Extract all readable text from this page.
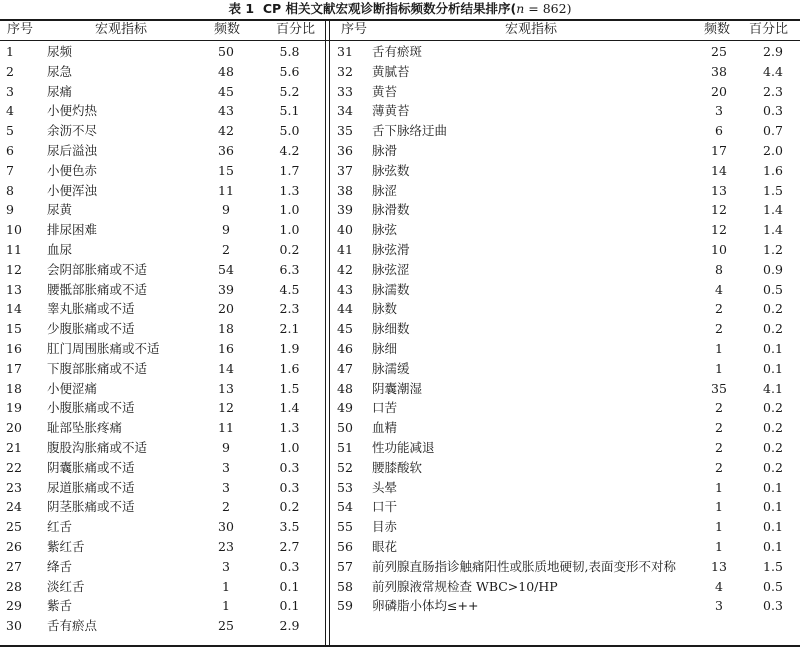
表 1 CP 相关文献宏观诊断指标频数分析结果排序(n = 862)
序号	宏观指标	频数	百分比 序号	宏观指标	频数 百分比
1	尿频	50	5.8
2	尿急	48	5.6
3	尿痛	45	5.2
4	小便灼热	43	5.1
5	余沥不尽	42	5.0
6	尿后溢浊	36	4.2
7	小便色赤	15	1.7
8	小便浑浊	11	1.3
9	尿黄	9	1.0
10	排尿困难	9	1.0
11	血尿	2	0.2
12	会阴部胀痛或不适	54	6.3
13	腰骶部胀痛或不适	39	4.5
14	睾丸胀痛或不适	20	2.3
15	少腹胀痛或不适	18	2.1
16	肛门周围胀痛或不适	16	1.9
17	下腹部胀痛或不适	14	1.6
18	小便涩痛	13	1.5
19	小腹胀痛或不适	12	1.4
20	耻部坠胀疼痛	11	1.3
21	腹股沟胀痛或不适	9	1.0
22	阴囊胀痛或不适	3	0.3
23	尿道胀痛或不适	3	0.3
24	阴茎胀痛或不适	2	0.2
25	红舌	30	3.5
26	紫红舌	23	2.7
27	绛舌	3	0.3
28	淡红舌	1	0.1
29	紫舌	1	0.1
30	舌有瘀点	25	2.9
31	舌有瘀斑	25	2.9
32	黄腻苔	38	4.4
33	黄苔	20	2.3
34	薄黄苔	3	0.3
35	舌下脉络迂曲	6	0.7
36	脉滑	17	2.0
37	脉弦数	14	1.6
38	脉涩	13	1.5
39	脉滑数	12	1.4
40	脉弦	12	1.4
41	脉弦滑	10	1.2
42	脉弦涩	8	0.9
43	脉濡数	4	0.5
44	脉数	2	0.2
45	脉细数	2	0.2
46	脉细	1	0.1
47	脉濡缓	1	0.1
48	阴囊潮湿	35	4.1
49	口苦	2	0.2
50	血精	2	0.2
51	性功能减退	2	0.2
52	腰膝酸软	2	0.2
53	头晕	1	0.1
54	口干	1	0.1
55	目赤	1	0.1
56	眼花	1	0.1
57	前列腺直肠指诊触痛阳性或胀质地硬韧,表面变形不对称	13	1.5
58	前列腺液常规检查 WBC>10/HP	4	0.5
59	卵磷脂小体均≤++	3	0.3
